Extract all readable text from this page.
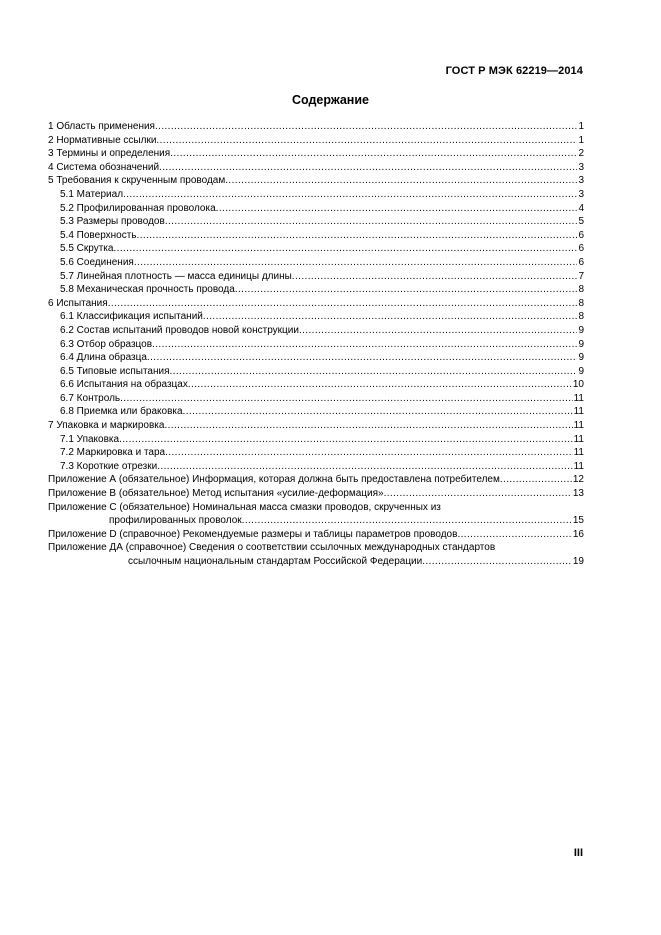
ГОСТ Р МЭК 62219—2014
Содержание
1 Область применения .....	1
2 Нормативные ссылки .....	1
3 Термины и определения .....	2
4 Система обозначений .....	3
5 Требования к скрученным проводам .....	3
5.1 Материал .....	3
5.2 Профилированная проволока .....	4
5.3 Размеры проводов .....	5
5.4 Поверхность .....	6
5.5 Скрутка .....	6
5.6 Соединения .....	6
5.7 Линейная плотность — масса единицы длины .....	7
5.8 Механическая прочность провода .....	8
6 Испытания .....	8
6.1 Классификация испытаний .....	8
6.2 Состав испытаний проводов новой конструкции .....	9
6.3 Отбор образцов .....	9
6.4 Длина образца .....	9
6.5 Типовые испытания .....	9
6.6 Испытания на образцах .....	10
6.7 Контроль .....	11
6.8 Приемка или браковка .....	11
7 Упаковка и маркировка .....	11
7.1 Упаковка .....	11
7.2 Маркировка и тара .....	11
7.3 Короткие отрезки .....	11
Приложение А (обязательное) Информация, которая должна быть предоставлена потребителем .....	12
Приложение В (обязательное) Метод испытания «усилие-деформация» .....	13
Приложение С (обязательное) Номинальная масса смазки проводов, скрученных из
профилированных проволок .....	15
Приложение D (справочное) Рекомендуемые размеры и таблицы параметров проводов .....	16
Приложение ДА (справочное) Сведения о соответствии ссылочных международных стандартов
ссылочным национальным стандартам Российской Федерации .....	19
III
